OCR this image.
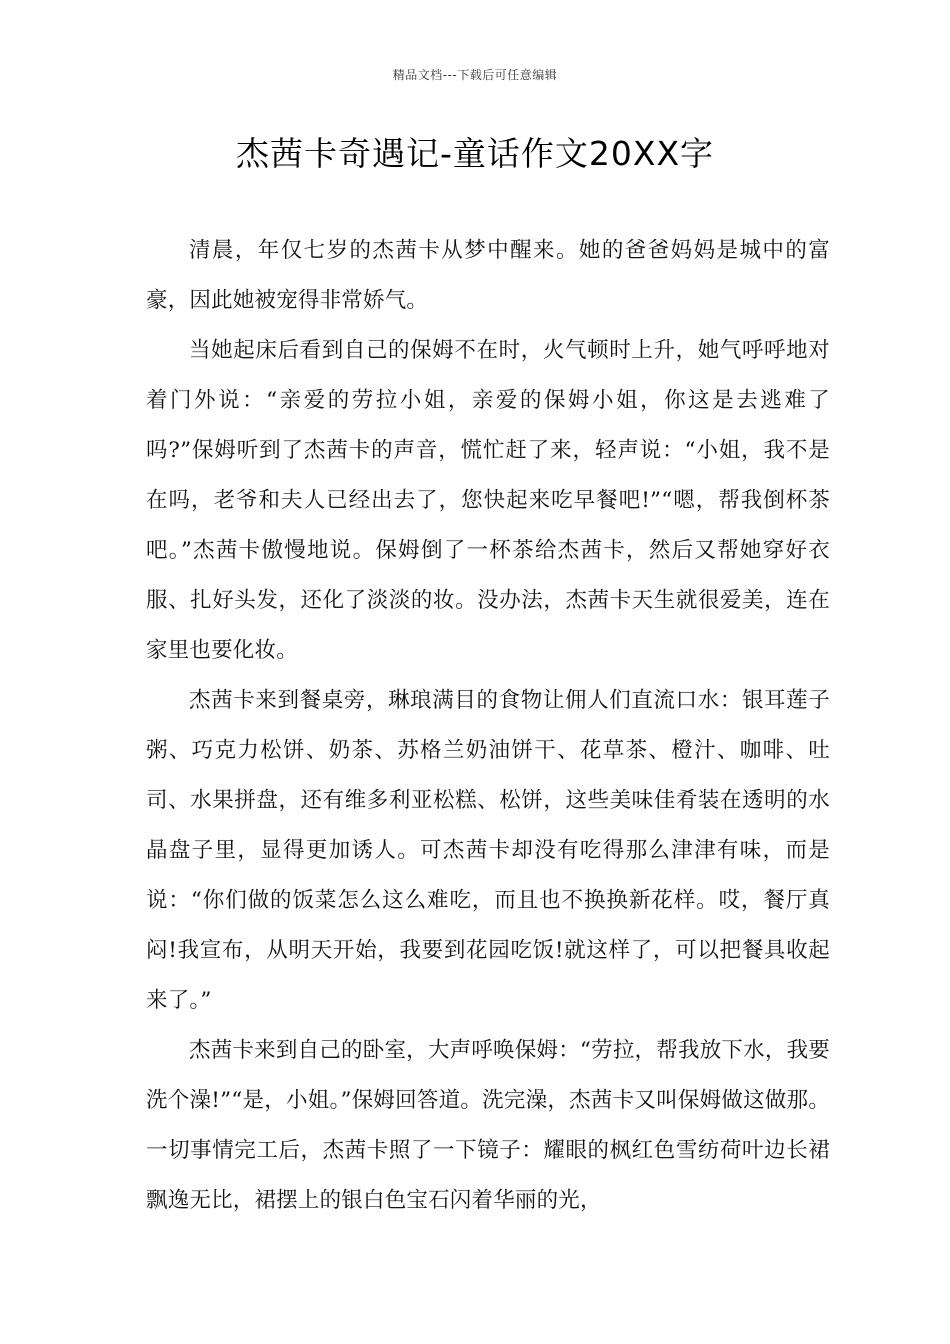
精品文档---下载后可任意编辑
杰茜卡奇遇记-童话作文20XX字

清晨，年仅七岁的杰茜卡从梦中醒来。她的爸爸妈妈是城中的富豪，因此她被宠得非常娇气。

当她起床后看到自己的保姆不在时，火气顿时上升，她气呼呼地对着门外说：“亲爱的劳拉小姐，亲爱的保姆小姐，你这是去逃难了吗?”保姆听到了杰茜卡的声音，慌忙赶了来，轻声说：“小姐，我不是在吗，老爷和夫人已经出去了，您快起来吃早餐吧!”“嗯，帮我倒杯茶吧。”杰茜卡傲慢地说。保姆倒了一杯茶给杰茜卡，然后又帮她穿好衣服、扎好头发，还化了淡淡的妆。没办法，杰茜卡天生就很爱美，连在家里也要化妆。

杰茜卡来到餐桌旁，琳琅满目的食物让佣人们直流口水：银耳莲子粥、巧克力松饼、奶茶、苏格兰奶油饼干、花草茶、橙汁、咖啡、吐司、水果拼盘，还有维多利亚松糕、松饼，这些美味佳肴装在透明的水晶盘子里，显得更加诱人。可杰茜卡却没有吃得那么津津有味，而是说：“你们做的饭菜怎么这么难吃，而且也不换换新花样。哎，餐厅真闷!我宣布，从明天开始，我要到花园吃饭!就这样了，可以把餐具收起来了。”

杰茜卡来到自己的卧室，大声呼唤保姆：“劳拉，帮我放下水，我要洗个澡!”“是，小姐。”保姆回答道。洗完澡，杰茜卡又叫保姆做这做那。一切事情完工后，杰茜卡照了一下镜子：耀眼的枫红色雪纺荷叶边长裙飘逸无比，裙摆上的银白色宝石闪着华丽的光，
